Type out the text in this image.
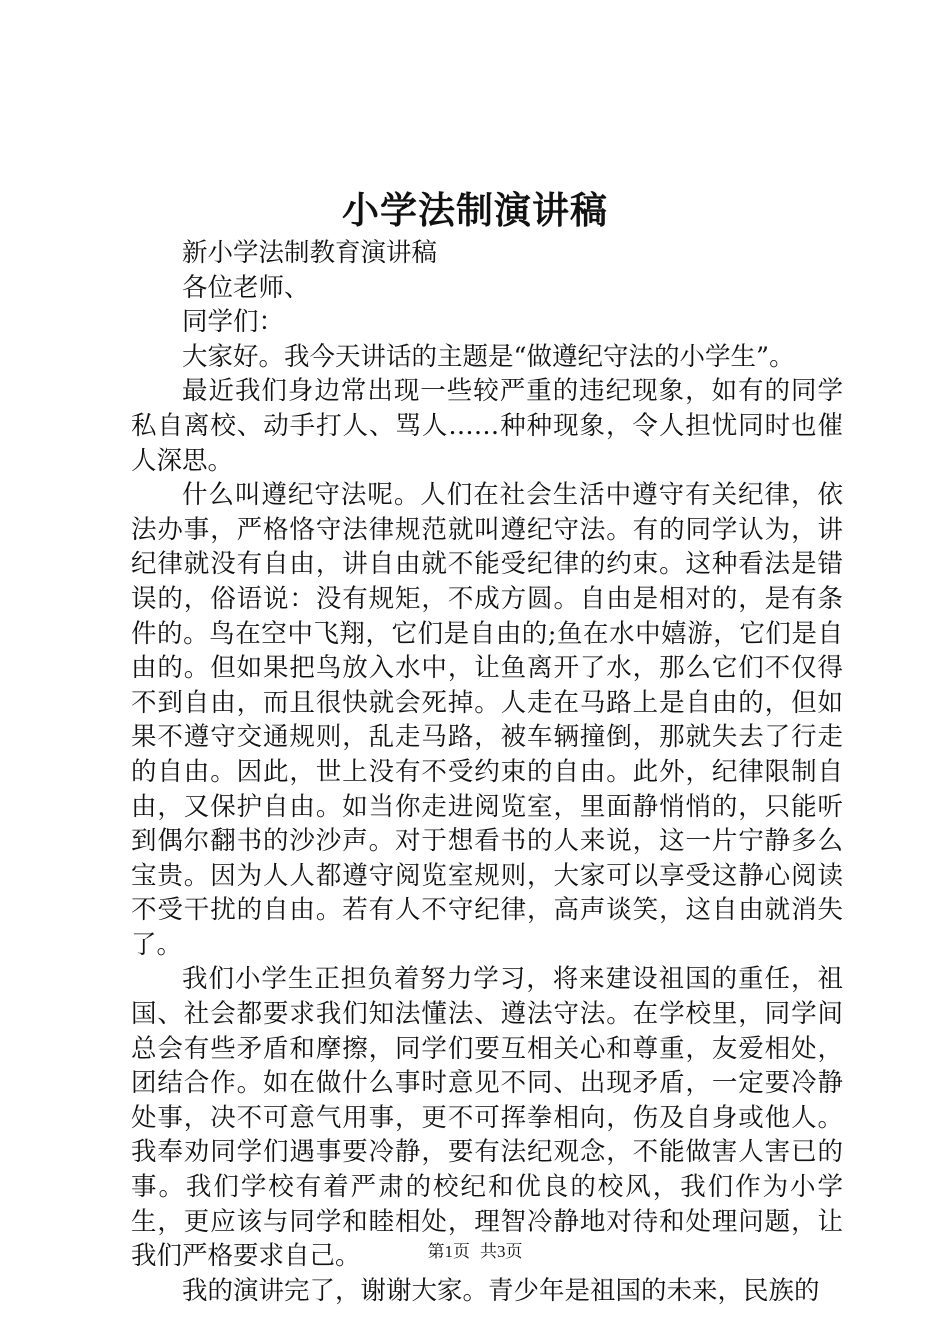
小学法制演讲稿

新小学法制教育演讲稿

各位老师、

同学们：

大家好。我今天讲话的主题是“做遵纪守法的小学生”。

最近我们身边常出现一些较严重的违纪现象，如有的同学私自离校、动手打人、骂人……种种现象，令人担忧同时也催人深思。

什么叫遵纪守法呢。人们在社会生活中遵守有关纪律，依法办事，严格恪守法律规范就叫遵纪守法。有的同学认为，讲纪律就没有自由，讲自由就不能受纪律的约束。这种看法是错误的，俗语说：没有规矩，不成方圆。自由是相对的，是有条件的。鸟在空中飞翔，它们是自由的;鱼在水中嬉游，它们是自由的。但如果把鸟放入水中，让鱼离开了水，那么它们不仅得不到自由，而且很快就会死掉。人走在马路上是自由的，但如果不遵守交通规则，乱走马路，被车辆撞倒，那就失去了行走的自由。因此，世上没有不受约束的自由。此外，纪律限制自由，又保护自由。如当你走进阅览室，里面静悄悄的，只能听到偶尔翻书的沙沙声。对于想看书的人来说，这一片宁静多么宝贵。因为人人都遵守阅览室规则，大家可以享受这静心阅读不受干扰的自由。若有人不守纪律，高声谈笑，这自由就消失了。

我们小学生正担负着努力学习，将来建设祖国的重任，祖国、社会都要求我们知法懂法、遵法守法。在学校里，同学间总会有些矛盾和摩擦，同学们要互相关心和尊重，友爱相处，团结合作。如在做什么事时意见不同、出现矛盾，一定要冷静处事，决不可意气用事，更不可挥拳相向，伤及自身或他人。我奉劝同学们遇事要冷静，要有法纪观念，不能做害人害已的事。我们学校有着严肃的校纪和优良的校风，我们作为小学生，更应该与同学和睦相处，理智冷静地对待和处理问题，让我们严格要求自己。

我的演讲完了，谢谢大家。青少年是祖国的未来，民族的

第1页 共3页
